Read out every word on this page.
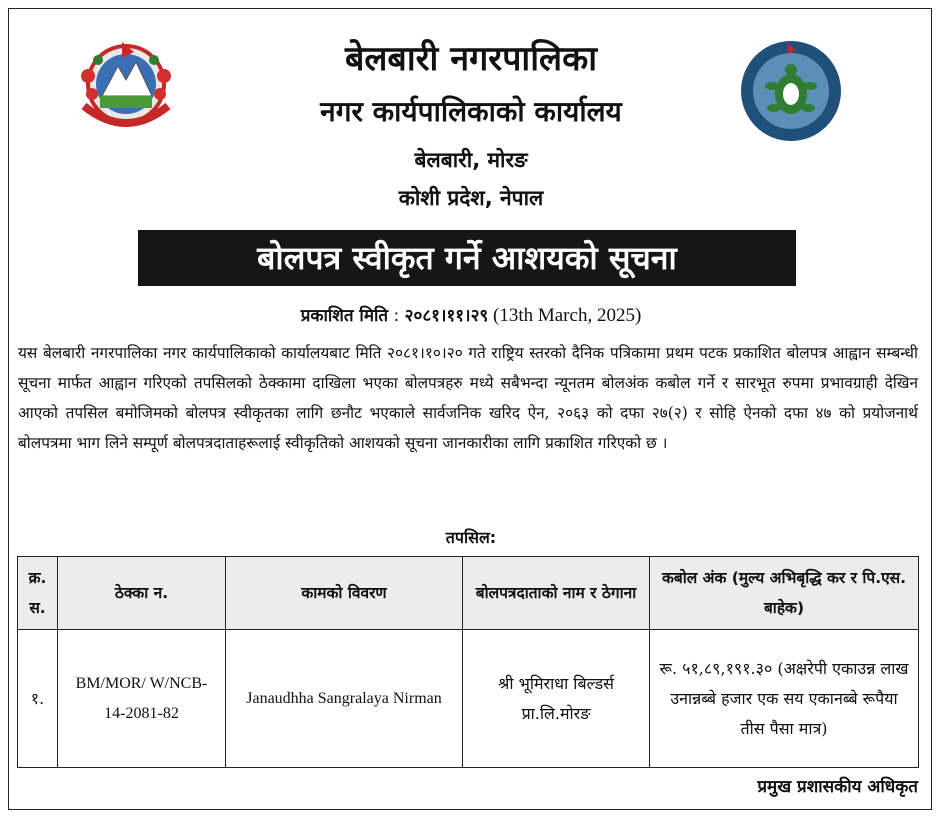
बेलबारी नगरपालिका
नगर कार्यपालिकाको कार्यालय
बेलबारी, मोरङ
कोशी प्रदेश, नेपाल
बोलपत्र स्वीकृत गर्ने आशयको सूचना
प्रकाशित मिति : २०८१।११।२९ (13th March, 2025)
यस बेलबारी नगरपालिका नगर कार्यपालिकाको कार्यालयबाट मिति २०८१।१०।२० गते राष्ट्रिय स्तरको दैनिक पत्रिकामा प्रथम पटक प्रकाशित बोलपत्र आह्वान सम्बन्धी सूचना मार्फत आह्वान गरिएको तपसिलको ठेक्कामा दाखिला भएका बोलपत्रहरु मध्ये सबैभन्दा न्यूनतम बोलअंक कबोल गर्ने र सारभूत रुपमा प्रभावग्राही देखिन आएको तपसिल बमोजिमको बोलपत्र स्वीकृतका लागि छनौट भएकाले सार्वजनिक खरिद ऐन, २०६३ को दफा २७(२) र सोहि ऐनको दफा ४७ को प्रयोजनार्थ बोलपत्रमा भाग लिने सम्पूर्ण बोलपत्रदाताहरूलाई स्वीकृतिको आशयको सूचना जानकारीका लागि प्रकाशित गरिएको छ ।
तपसिल:
क्र. स.	ठेक्का न.	कामको विवरण	बोलपत्रदाताको नाम र ठेगाना	कबोल अंक (मुल्य अभिबृद्धि कर र पि.एस. बाहेक)
१.	BM/MOR/ W/NCB- 14-2081-82	Janaudhha Sangralaya Nirman	श्री भूमिराधा बिल्डर्स प्रा.लि.मोरङ	रू. ५१,८९,१९१.३० (अक्षरेपी एकाउन्न लाख उनान्नब्बे हजार एक सय एकानब्बे रूपैया तीस पैसा मात्र)
प्रमुख प्रशासकीय अधिकृत
